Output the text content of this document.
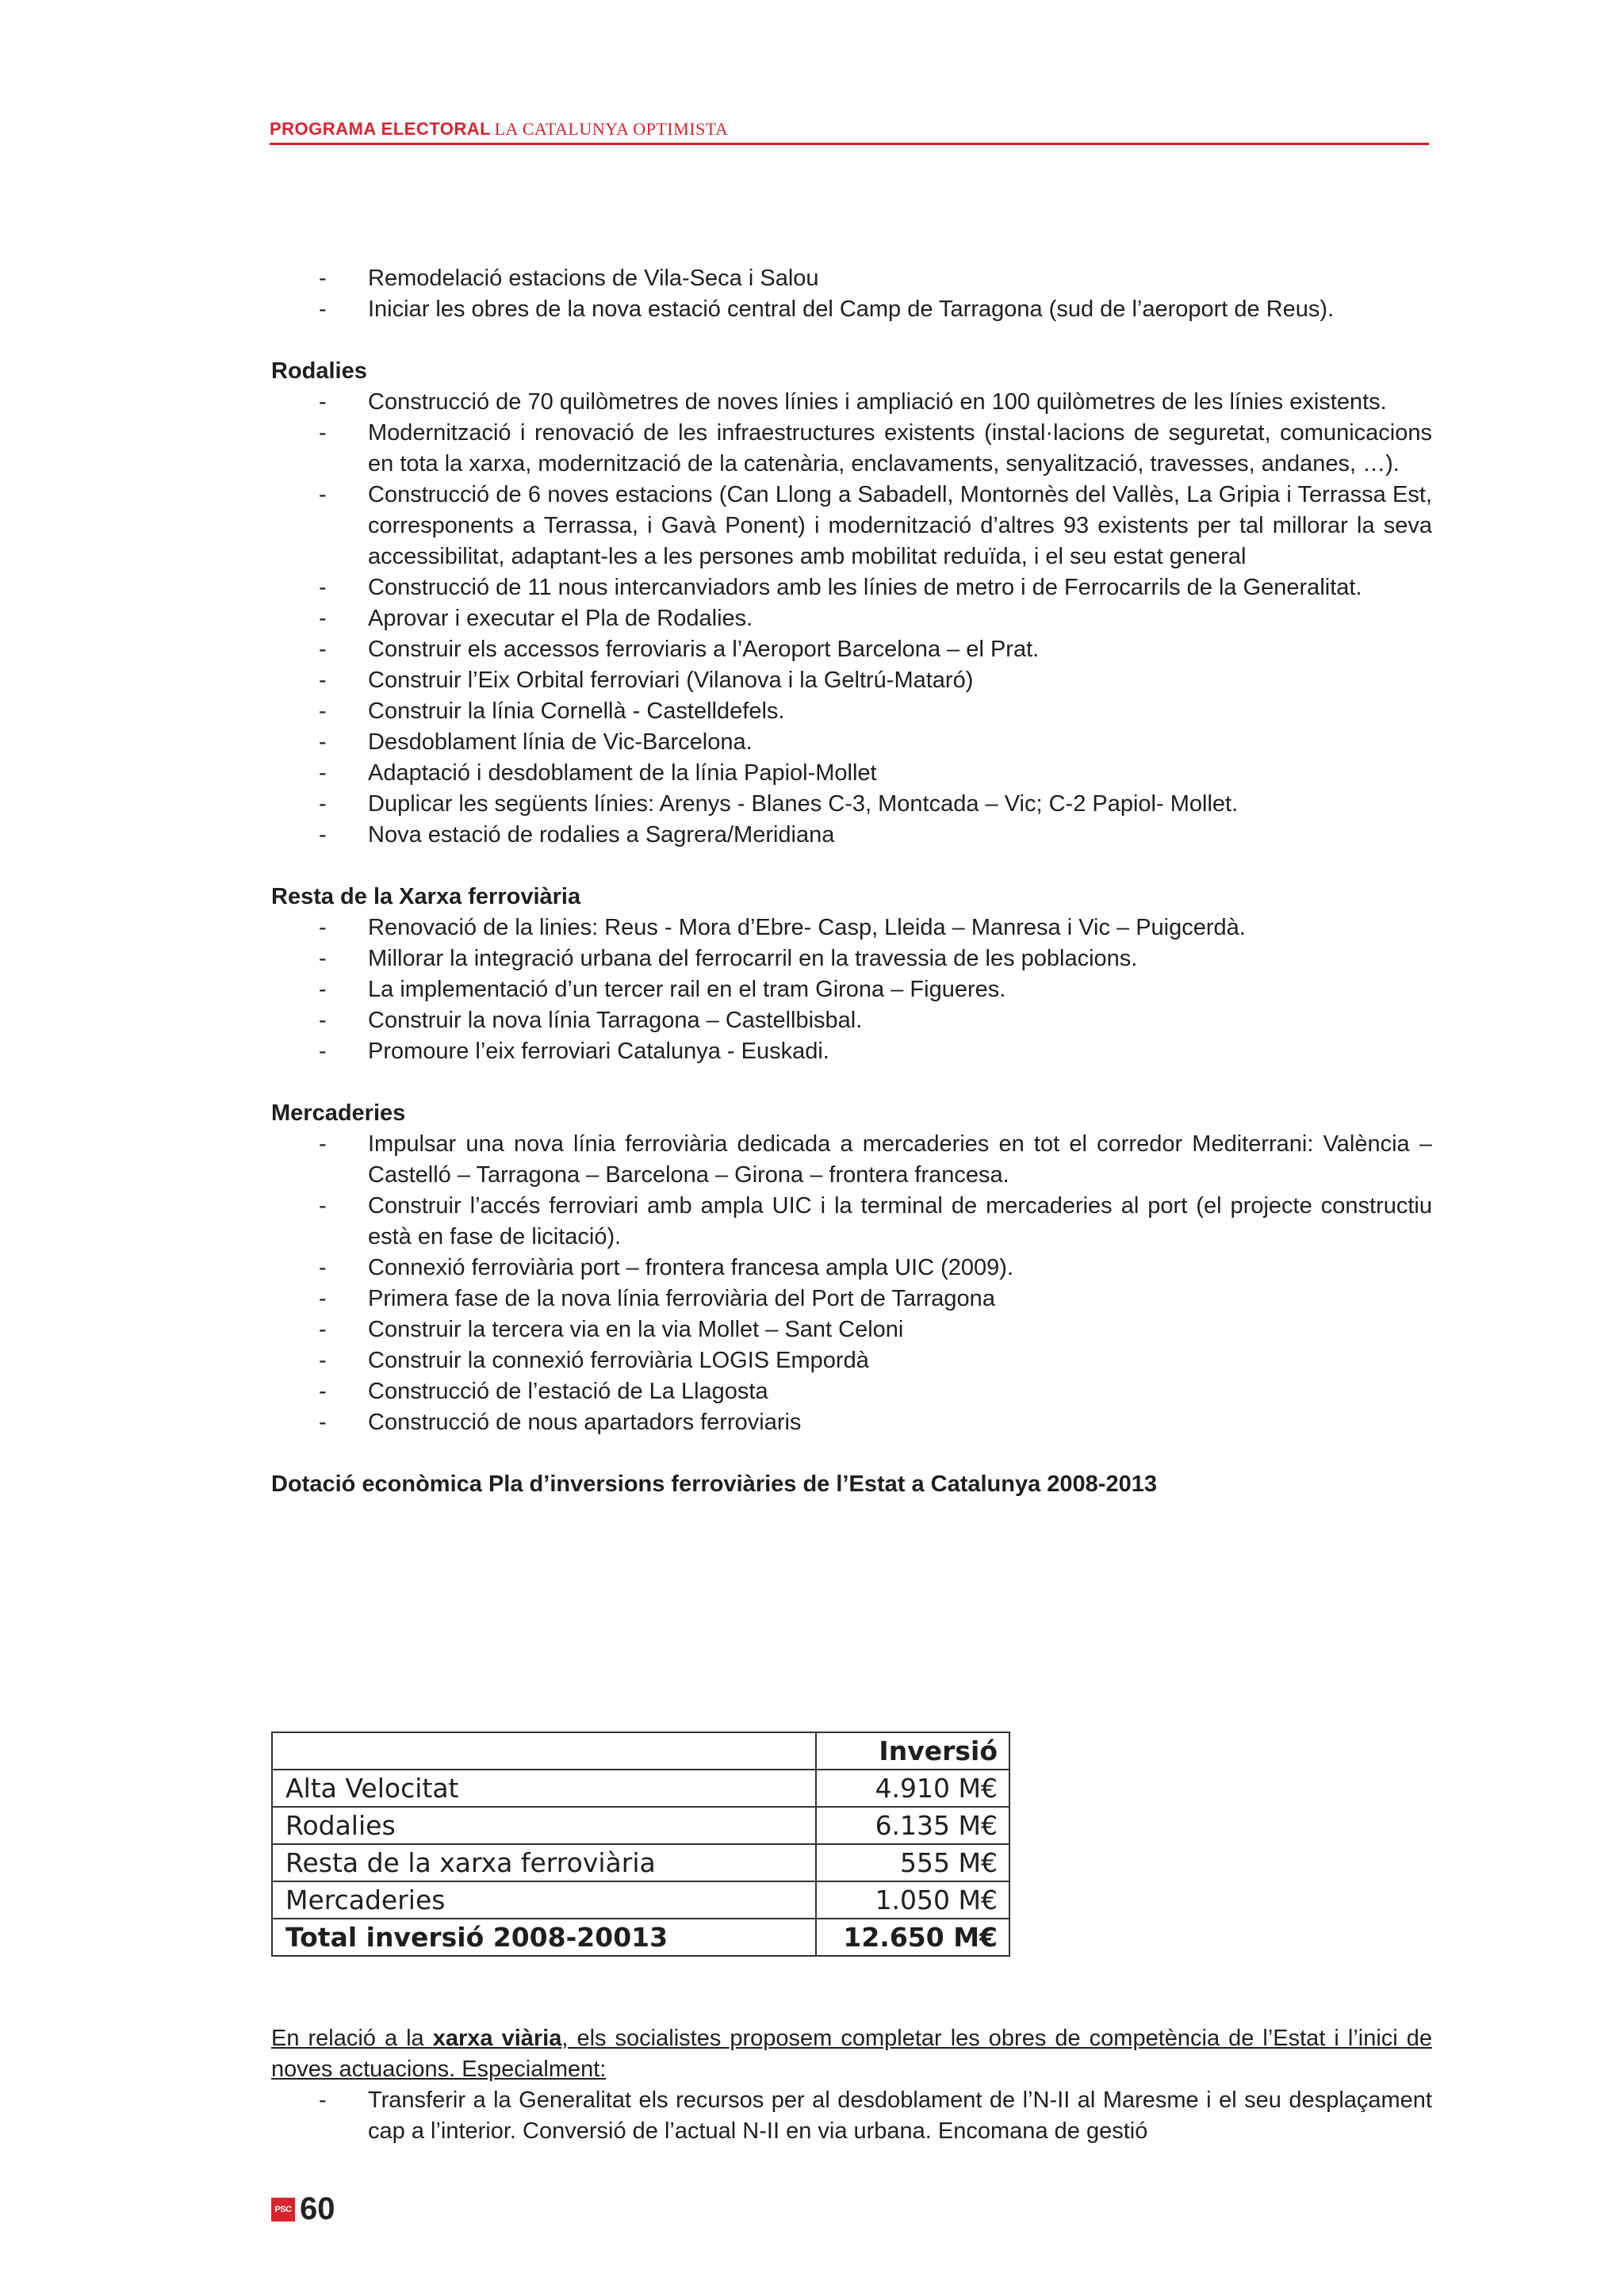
PROGRAMA ELECTORAL LA CATALUNYA OPTIMISTA
- Remodelació estacions de Vila-Seca i Salou
- Iniciar les obres de la nova estació central del Camp de Tarragona (sud de l’aeroport de Reus).
Rodalies
- Construcció de 70 quilòmetres de noves línies i ampliació en 100 quilòmetres de les línies existents.
- Modernització i renovació de les infraestructures existents (instal·lacions de seguretat, comunicacions en tota la xarxa, modernització de la catenària, enclavaments, senyalització, travesses, andanes, …).
- Construcció de 6 noves estacions (Can Llong a Sabadell, Montornès del Vallès, La Gripia i Terrassa Est, corresponents a Terrassa, i Gavà Ponent) i modernització d’altres 93 existents per tal millorar la seva accessibilitat, adaptant-les a les persones amb mobilitat reduïda, i el seu estat general
- Construcció de 11 nous intercanviadors amb les línies de metro i de Ferrocarrils de la Generalitat.
- Aprovar i executar el Pla de Rodalies.
- Construir els accessos ferroviaris a l’Aeroport Barcelona – el Prat.
- Construir l’Eix Orbital ferroviari (Vilanova i la Geltrú-Mataró)
- Construir la línia Cornellà - Castelldefels.
- Desdoblament línia de Vic-Barcelona.
- Adaptació i desdoblament de la línia Papiol-Mollet
- Duplicar les següents línies: Arenys - Blanes C-3, Montcada – Vic; C-2 Papiol- Mollet.
- Nova estació de rodalies a Sagrera/Meridiana
Resta de la Xarxa ferroviària
- Renovació de la linies: Reus - Mora d’Ebre- Casp, Lleida – Manresa i Vic – Puigcerdà.
- Millorar la integració urbana del ferrocarril en la travessia de les poblacions.
- La implementació d’un tercer rail en el tram Girona – Figueres.
- Construir la nova línia Tarragona – Castellbisbal.
- Promoure l’eix ferroviari Catalunya - Euskadi.
Mercaderies
- Impulsar una nova línia ferroviària dedicada a mercaderies en tot el corredor Mediterrani: València – Castelló – Tarragona – Barcelona – Girona – frontera francesa.
- Construir l’accés ferroviari amb ampla UIC i la terminal de mercaderies al port (el projecte constructiu està en fase de licitació).
- Connexió ferroviària port – frontera francesa ampla UIC (2009).
- Primera fase de la nova línia ferroviària del Port de Tarragona
- Construir la tercera via en la via Mollet – Sant Celoni
- Construir la connexió ferroviària LOGIS Empordà
- Construcció de l’estació de La Llagosta
- Construcció de nous apartadors ferroviaris
Dotació econòmica Pla d’inversions ferroviàries de l’Estat a Catalunya 2008-2013
	Inversió
Alta Velocitat	4.910 M€
Rodalies	6.135 M€
Resta de la xarxa ferroviària	555 M€
Mercaderies	1.050 M€
Total inversió 2008-20013	12.650 M€

En relació a la xarxa viària, els socialistes proposem completar les obres de competència de l’Estat i l’inici de noves actuacions. Especialment:

- Transferir a la Generalitat els recursos per al desdoblament de l’N-II al Maresme i el seu desplaçament cap a l’interior. Conversió de l’actual N-II en via urbana. Encomana de gestió
PSC 60
